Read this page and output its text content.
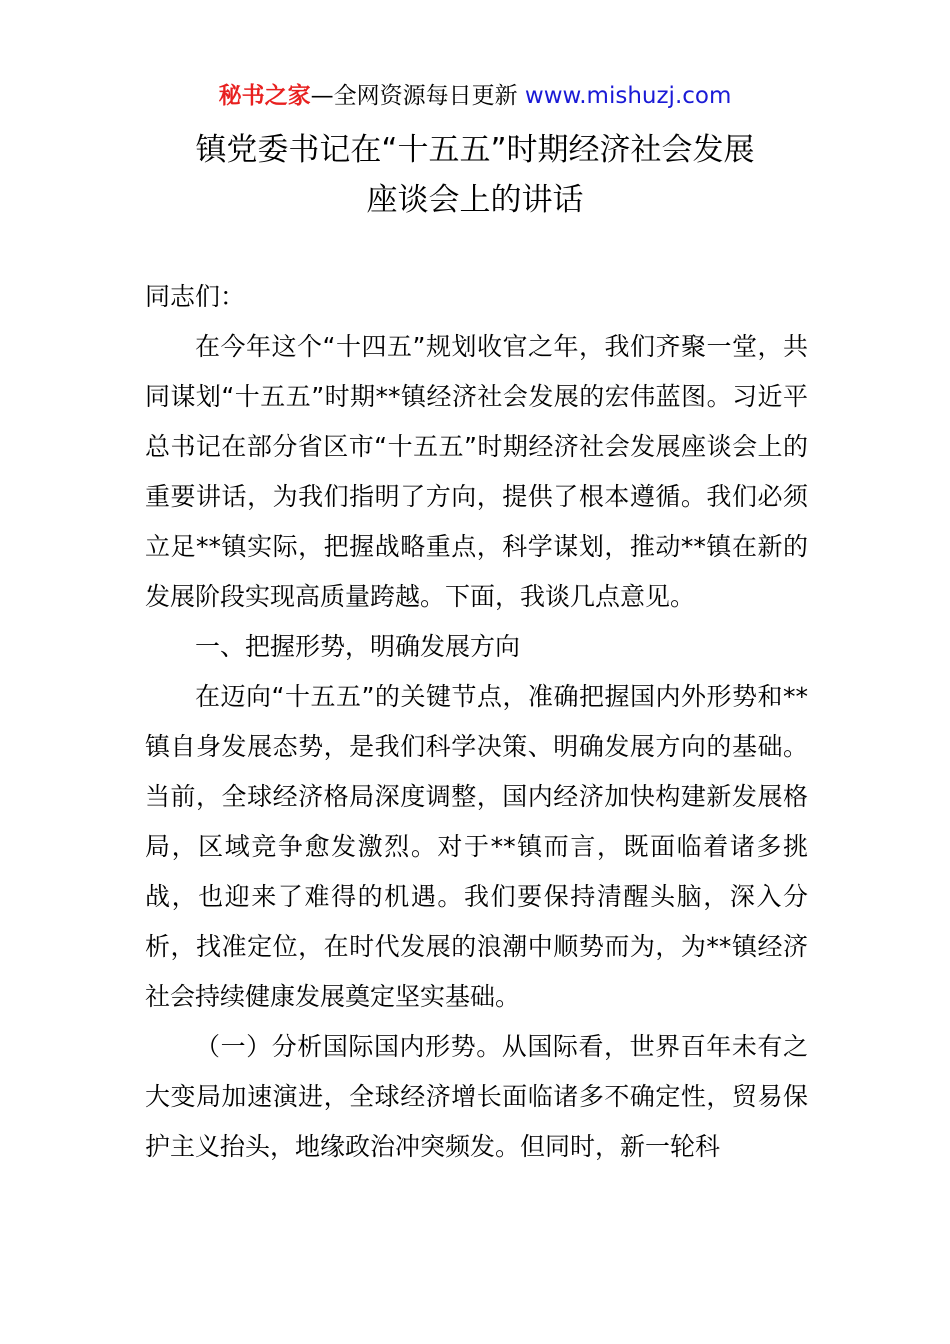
秘书之家—全网资源每日更新 www.mishuzj.com
镇党委书记在“十五五”时期经济社会发展
座谈会上的讲话

同志们：

在今年这个“十四五”规划收官之年，我们齐聚一堂，共同谋划“十五五”时期**镇经济社会发展的宏伟蓝图。习近平总书记在部分省区市“十五五”时期经济社会发展座谈会上的重要讲话，为我们指明了方向，提供了根本遵循。我们必须立足**镇实际，把握战略重点，科学谋划，推动**镇在新的发展阶段实现高质量跨越。下面，我谈几点意见。

一、把握形势，明确发展方向

在迈向“十五五”的关键节点，准确把握国内外形势和**镇自身发展态势，是我们科学决策、明确发展方向的基础。当前，全球经济格局深度调整，国内经济加快构建新发展格局，区域竞争愈发激烈。对于**镇而言，既面临着诸多挑战，也迎来了难得的机遇。我们要保持清醒头脑，深入分析，找准定位，在时代发展的浪潮中顺势而为，为**镇经济社会持续健康发展奠定坚实基础。

（一）分析国际国内形势。从国际看，世界百年未有之大变局加速演进，全球经济增长面临诸多不确定性，贸易保护主义抬头，地缘政治冲突频发。但同时，新一轮科
